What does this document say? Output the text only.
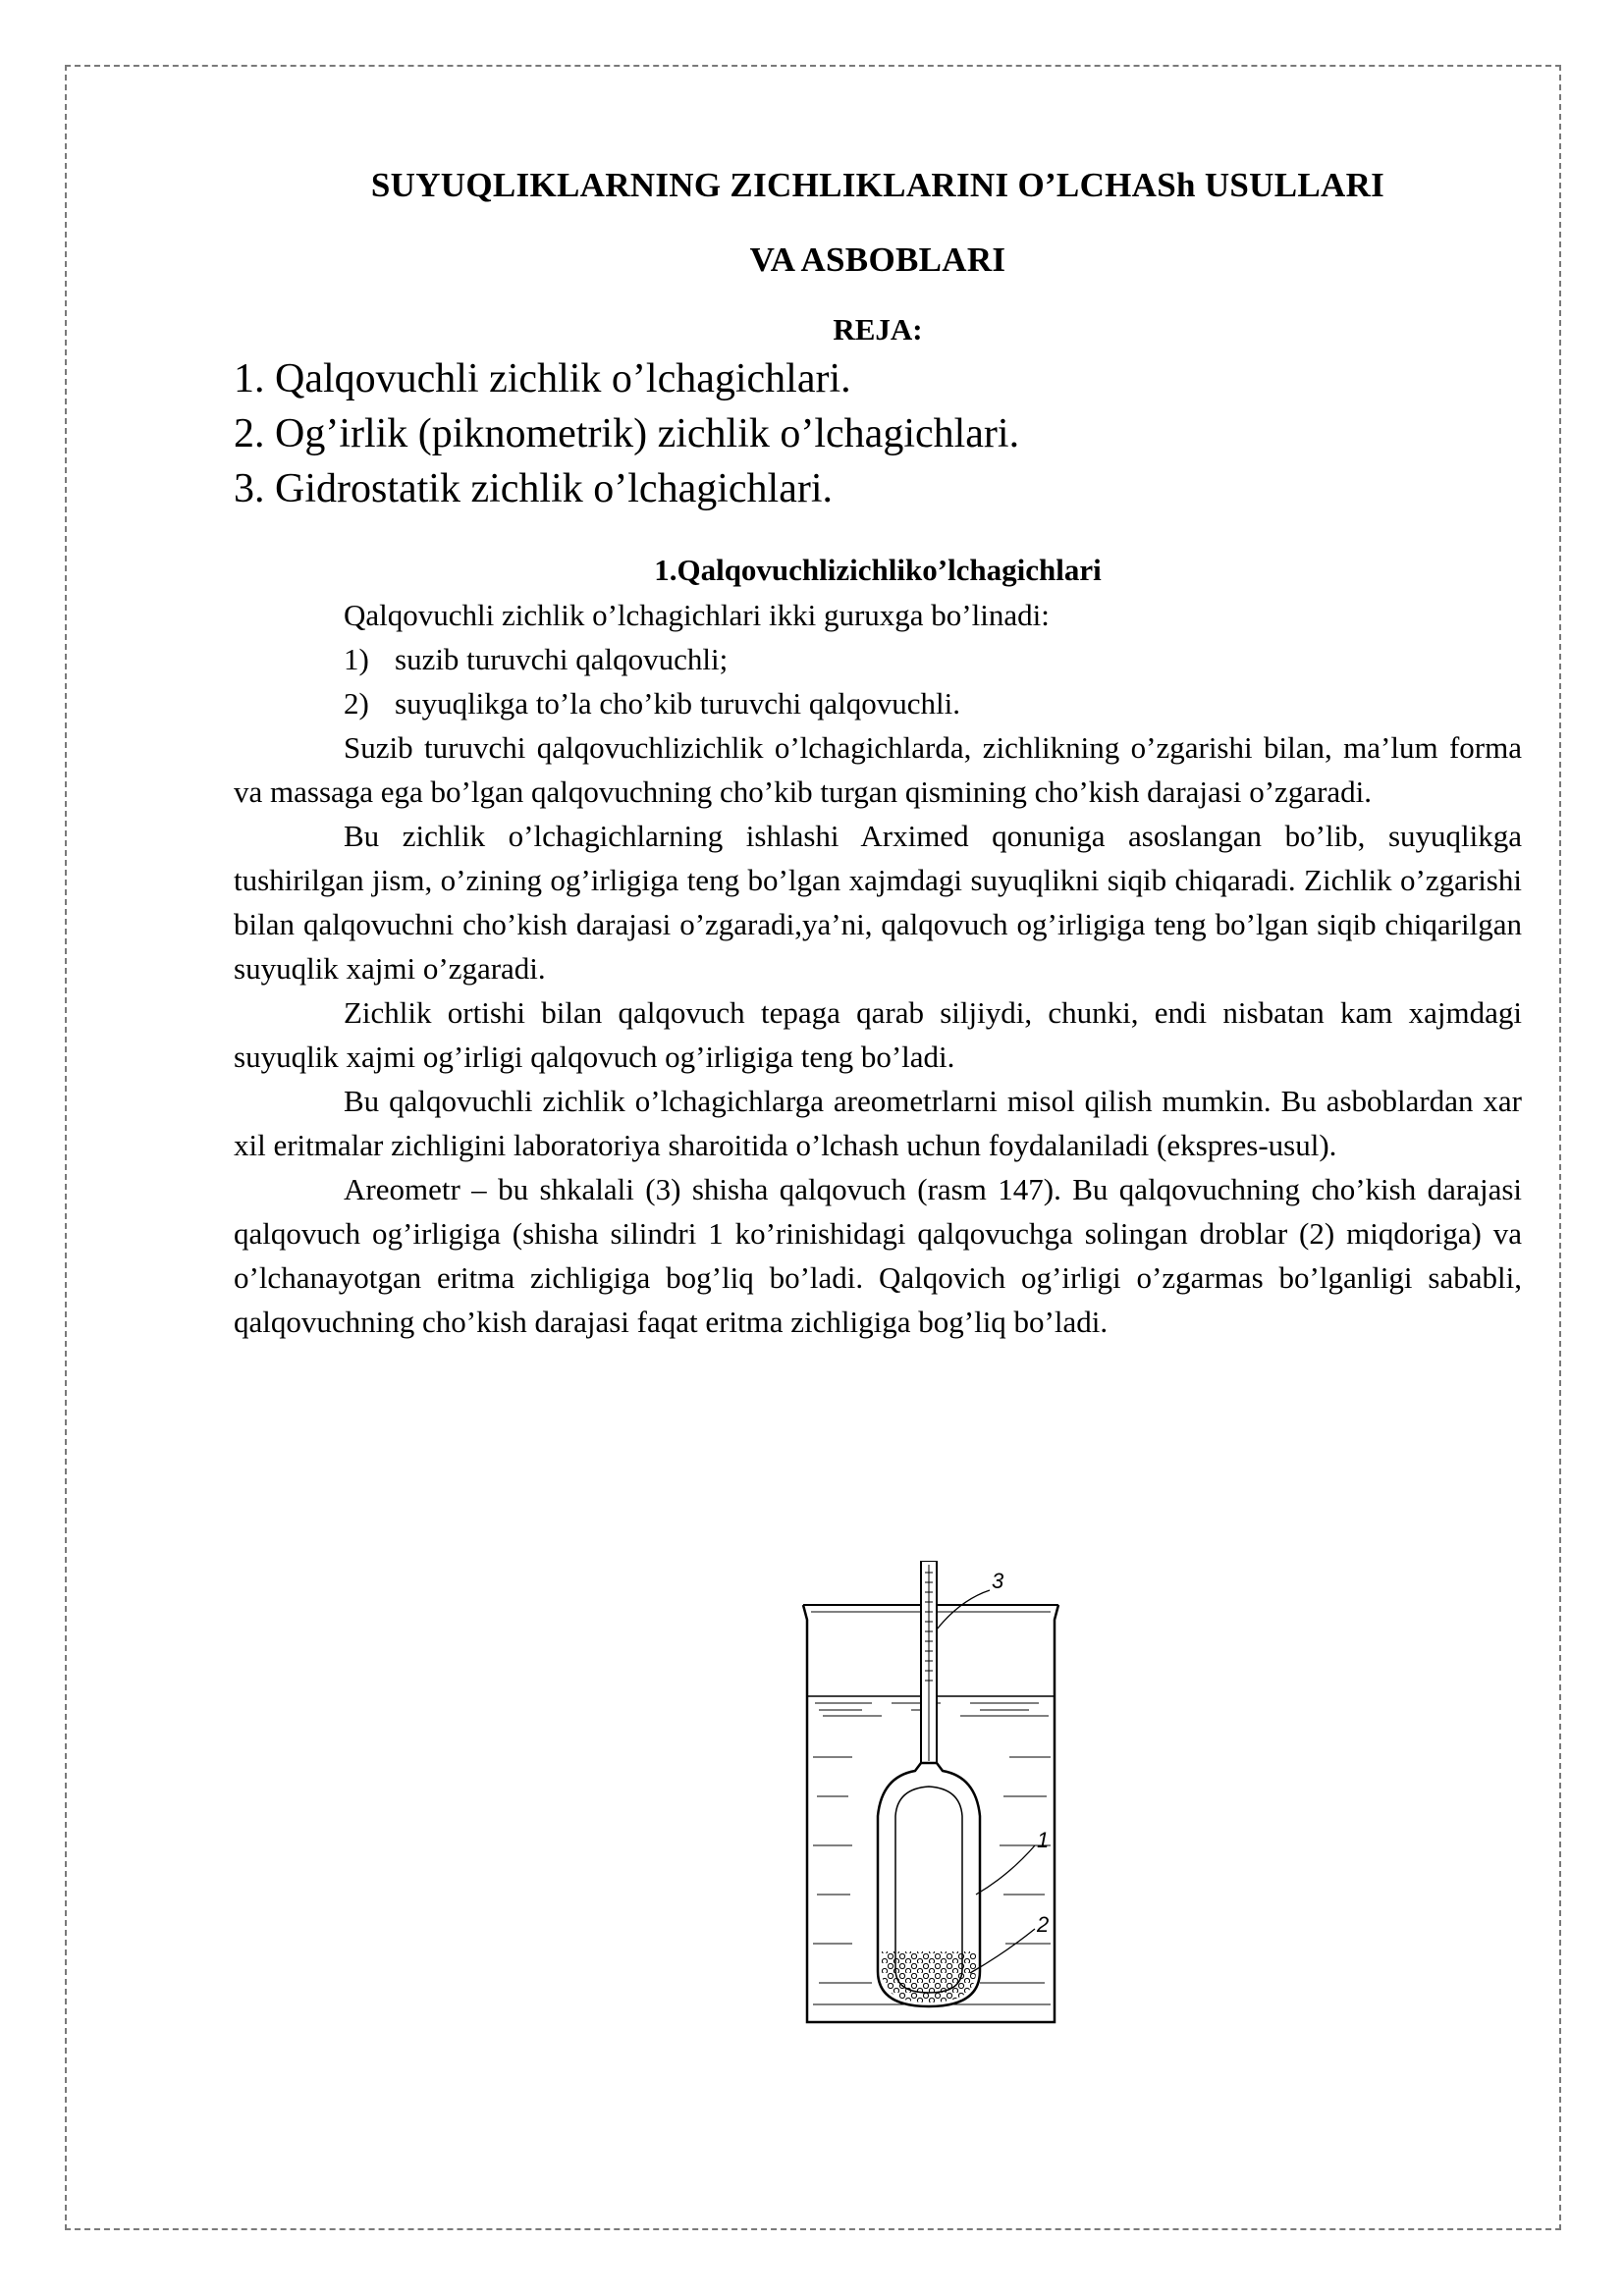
SUYUQLIKLARNING ZICHLIKLARINI O’LCHASh USULLARI
VA ASBOBLARI

REJA:

1. Qalqovuchli zichlik o’lchagichlari.
2. Og’irlik (piknometrik) zichlik o’lchagichlari.
3. Gidrostatik zichlik o’lchagichlari.

1.Qalqovuchlizichliko’lchagichlari

Qalqovuchli zichlik o’lchagichlari ikki guruxga bo’linadi:

1) suzib turuvchi qalqovuchli;

2) suyuqlikga to’la cho’kib turuvchi qalqovuchli.

Suzib turuvchi qalqovuchlizichlik o’lchagichlarda, zichlikning o’zgarishi bilan, ma’lum forma va massaga ega bo’lgan qalqovuchning cho’kib turgan qismining cho’kish darajasi o’zgaradi.

Bu zichlik o’lchagichlarning ishlashi Arximed qonuniga asoslangan bo’lib, suyuqlikga tushirilgan jism, o’zining og’irligiga teng bo’lgan xajmdagi suyuqlikni siqib chiqaradi. Zichlik o’zgarishi bilan qalqovuchni cho’kish darajasi o’zgaradi,ya’ni, qalqovuch og’irligiga teng bo’lgan siqib chiqarilgan suyuqlik xajmi o’zgaradi.

Zichlik ortishi bilan qalqovuch tepaga qarab siljiydi, chunki, endi nisbatan kam xajmdagi suyuqlik xajmi og’irligi qalqovuch og’irligiga teng bo’ladi.

Bu qalqovuchli zichlik o’lchagichlarga areometrlarni misol qilish mumkin. Bu asboblardan xar xil eritmalar zichligini laboratoriya sharoitida o’lchash uchun foydalaniladi (ekspres-usul).

Areometr – bu shkalali (3) shisha qalqovuch (rasm 147). Bu qalqovuchning cho’kish darajasi qalqovuch og’irligiga (shisha silindri 1 ko’rinishidagi qalqovuchga solingan droblar (2) miqdoriga) va o’lchanayotgan eritma zichligiga bog’liq bo’ladi. Qalqovich og’irligi o’zgarmas bo’lganligi sababli, qalqovuchning cho’kish darajasi faqat eritma zichligiga bog’liq bo’ladi.

3
1
2
